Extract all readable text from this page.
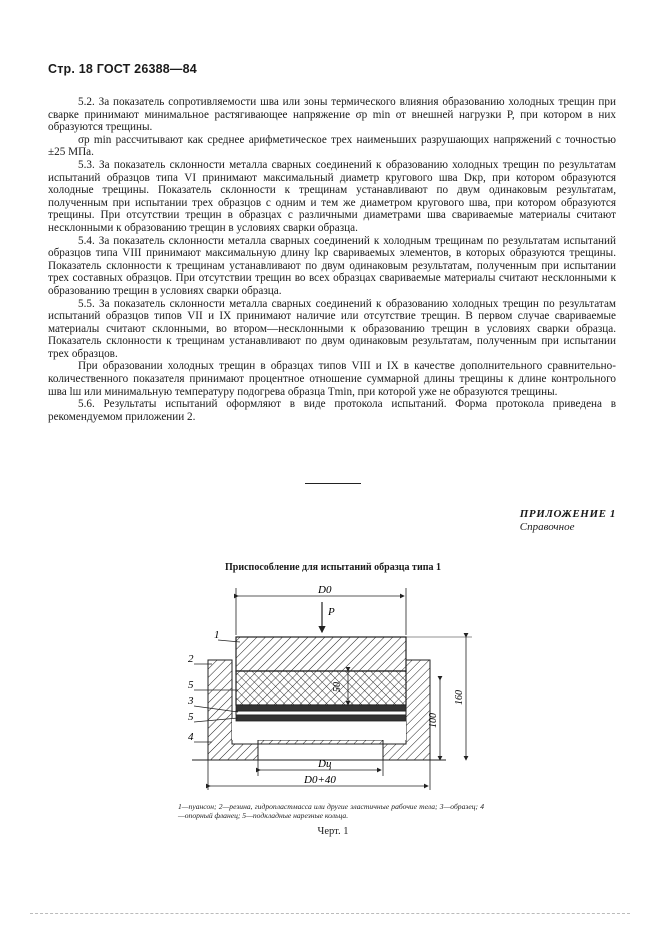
Стр. 18 ГОСТ 26388—84

5.2. За показатель сопротивляемости шва или зоны термического влияния образованию холодных трещин при сварке принимают минимальное растягивающее напряжение σp min от внешней нагрузки P, при котором в них образуются трещины.

σp min рассчитывают как среднее арифметическое трех наименьших разрушающих напряжений с точностью ±25 МПа.

5.3. За показатель склонности металла сварных соединений к образованию холодных трещин по результатам испытаний образцов типа VI принимают максимальный диаметр кругового шва Dкр, при котором образуются холодные трещины. Показатель склонности к трещинам устанавливают по двум одинаковым результатам, полученным при испытании трех образцов с одним и тем же диаметром кругового шва, при котором образуются трещины. При отсутствии трещин в образцах с различными диаметрами шва свариваемые материалы считают несклонными к образованию трещин в условиях сварки образца.

5.4. За показатель склонности металла сварных соединений к холодным трещинам по результатам испытаний образцов типа VIII принимают максимальную длину lкр свариваемых элементов, в которых образуются трещины. Показатель склонности к трещинам устанавливают по двум одинаковым результатам, полученным при испытании трех составных образцов. При отсутствии трещин во всех образцах свариваемые материалы считают несклонными к образованию трещин в условиях сварки образца.

5.5. За показатель склонности металла сварных соединений к образованию холодных трещин по результатам испытаний образцов типов VII и IX принимают наличие или отсутствие трещин. В первом случае свариваемые материалы считают склонными, во втором—несклонными к образованию трещин в условиях сварки образца. Показатель склонности к трещинам устанавливают по двум одинаковым результатам, полученным при испытании трех образцов.

При образовании холодных трещин в образцах типов VIII и IX в качестве дополнительного сравнительно-количественного показателя принимают процентное отношение суммарной длины трещины к длине контрольного шва lш или минимальную температуру подогрева образца Tmin, при которой уже не образуются трещины.

5.6. Результаты испытаний оформляют в виде протокола испытаний. Форма протокола приведена в рекомендуемом приложении 2.

ПРИЛОЖЕНИЕ 1
Справочное
Приспособление для испытаний образца типа 1
D0
P
50
100
160
Dц
D0+40
1
2
5
3
5
4
1—пуансон; 2—резина, гидропластмасса или другие эластичные рабочие тела; 3—образец; 4—опорный фланец; 5—подкладные нарезные кольца.
Черт. 1
